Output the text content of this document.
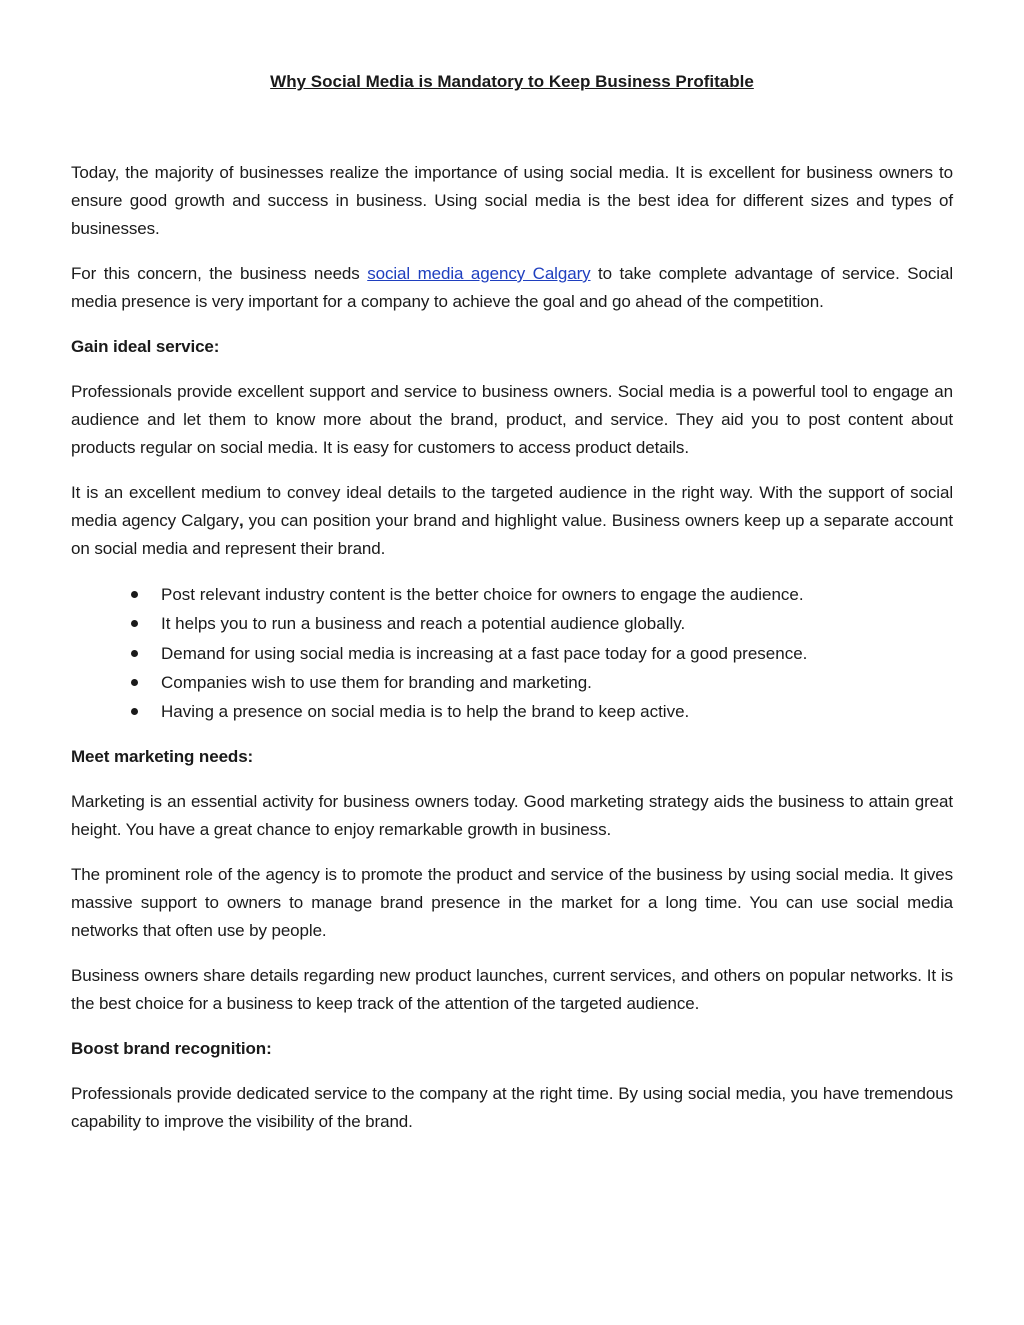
Why Social Media is Mandatory to Keep Business Profitable

Today, the majority of businesses realize the importance of using social media. It is excellent for business owners to ensure good growth and success in business. Using social media is the best idea for different sizes and types of businesses.

For this concern, the business needs social media agency Calgary to take complete advantage of service. Social media presence is very important for a company to achieve the goal and go ahead of the competition.

Gain ideal service:

Professionals provide excellent support and service to business owners. Social media is a powerful tool to engage an audience and let them to know more about the brand, product, and service. They aid you to post content about products regular on social media. It is easy for customers to access product details.

It is an excellent medium to convey ideal details to the targeted audience in the right way. With the support of social media agency Calgary, you can position your brand and highlight value. Business owners keep up a separate account on social media and represent their brand.

Post relevant industry content is the better choice for owners to engage the audience.
It helps you to run a business and reach a potential audience globally.
Demand for using social media is increasing at a fast pace today for a good presence.
Companies wish to use them for branding and marketing.
Having a presence on social media is to help the brand to keep active.

Meet marketing needs:

Marketing is an essential activity for business owners today. Good marketing strategy aids the business to attain great height. You have a great chance to enjoy remarkable growth in business.

The prominent role of the agency is to promote the product and service of the business by using social media. It gives massive support to owners to manage brand presence in the market for a long time. You can use social media networks that often use by people.

Business owners share details regarding new product launches, current services, and others on popular networks. It is the best choice for a business to keep track of the attention of the targeted audience.

Boost brand recognition:

Professionals provide dedicated service to the company at the right time. By using social media, you have tremendous capability to improve the visibility of the brand.
